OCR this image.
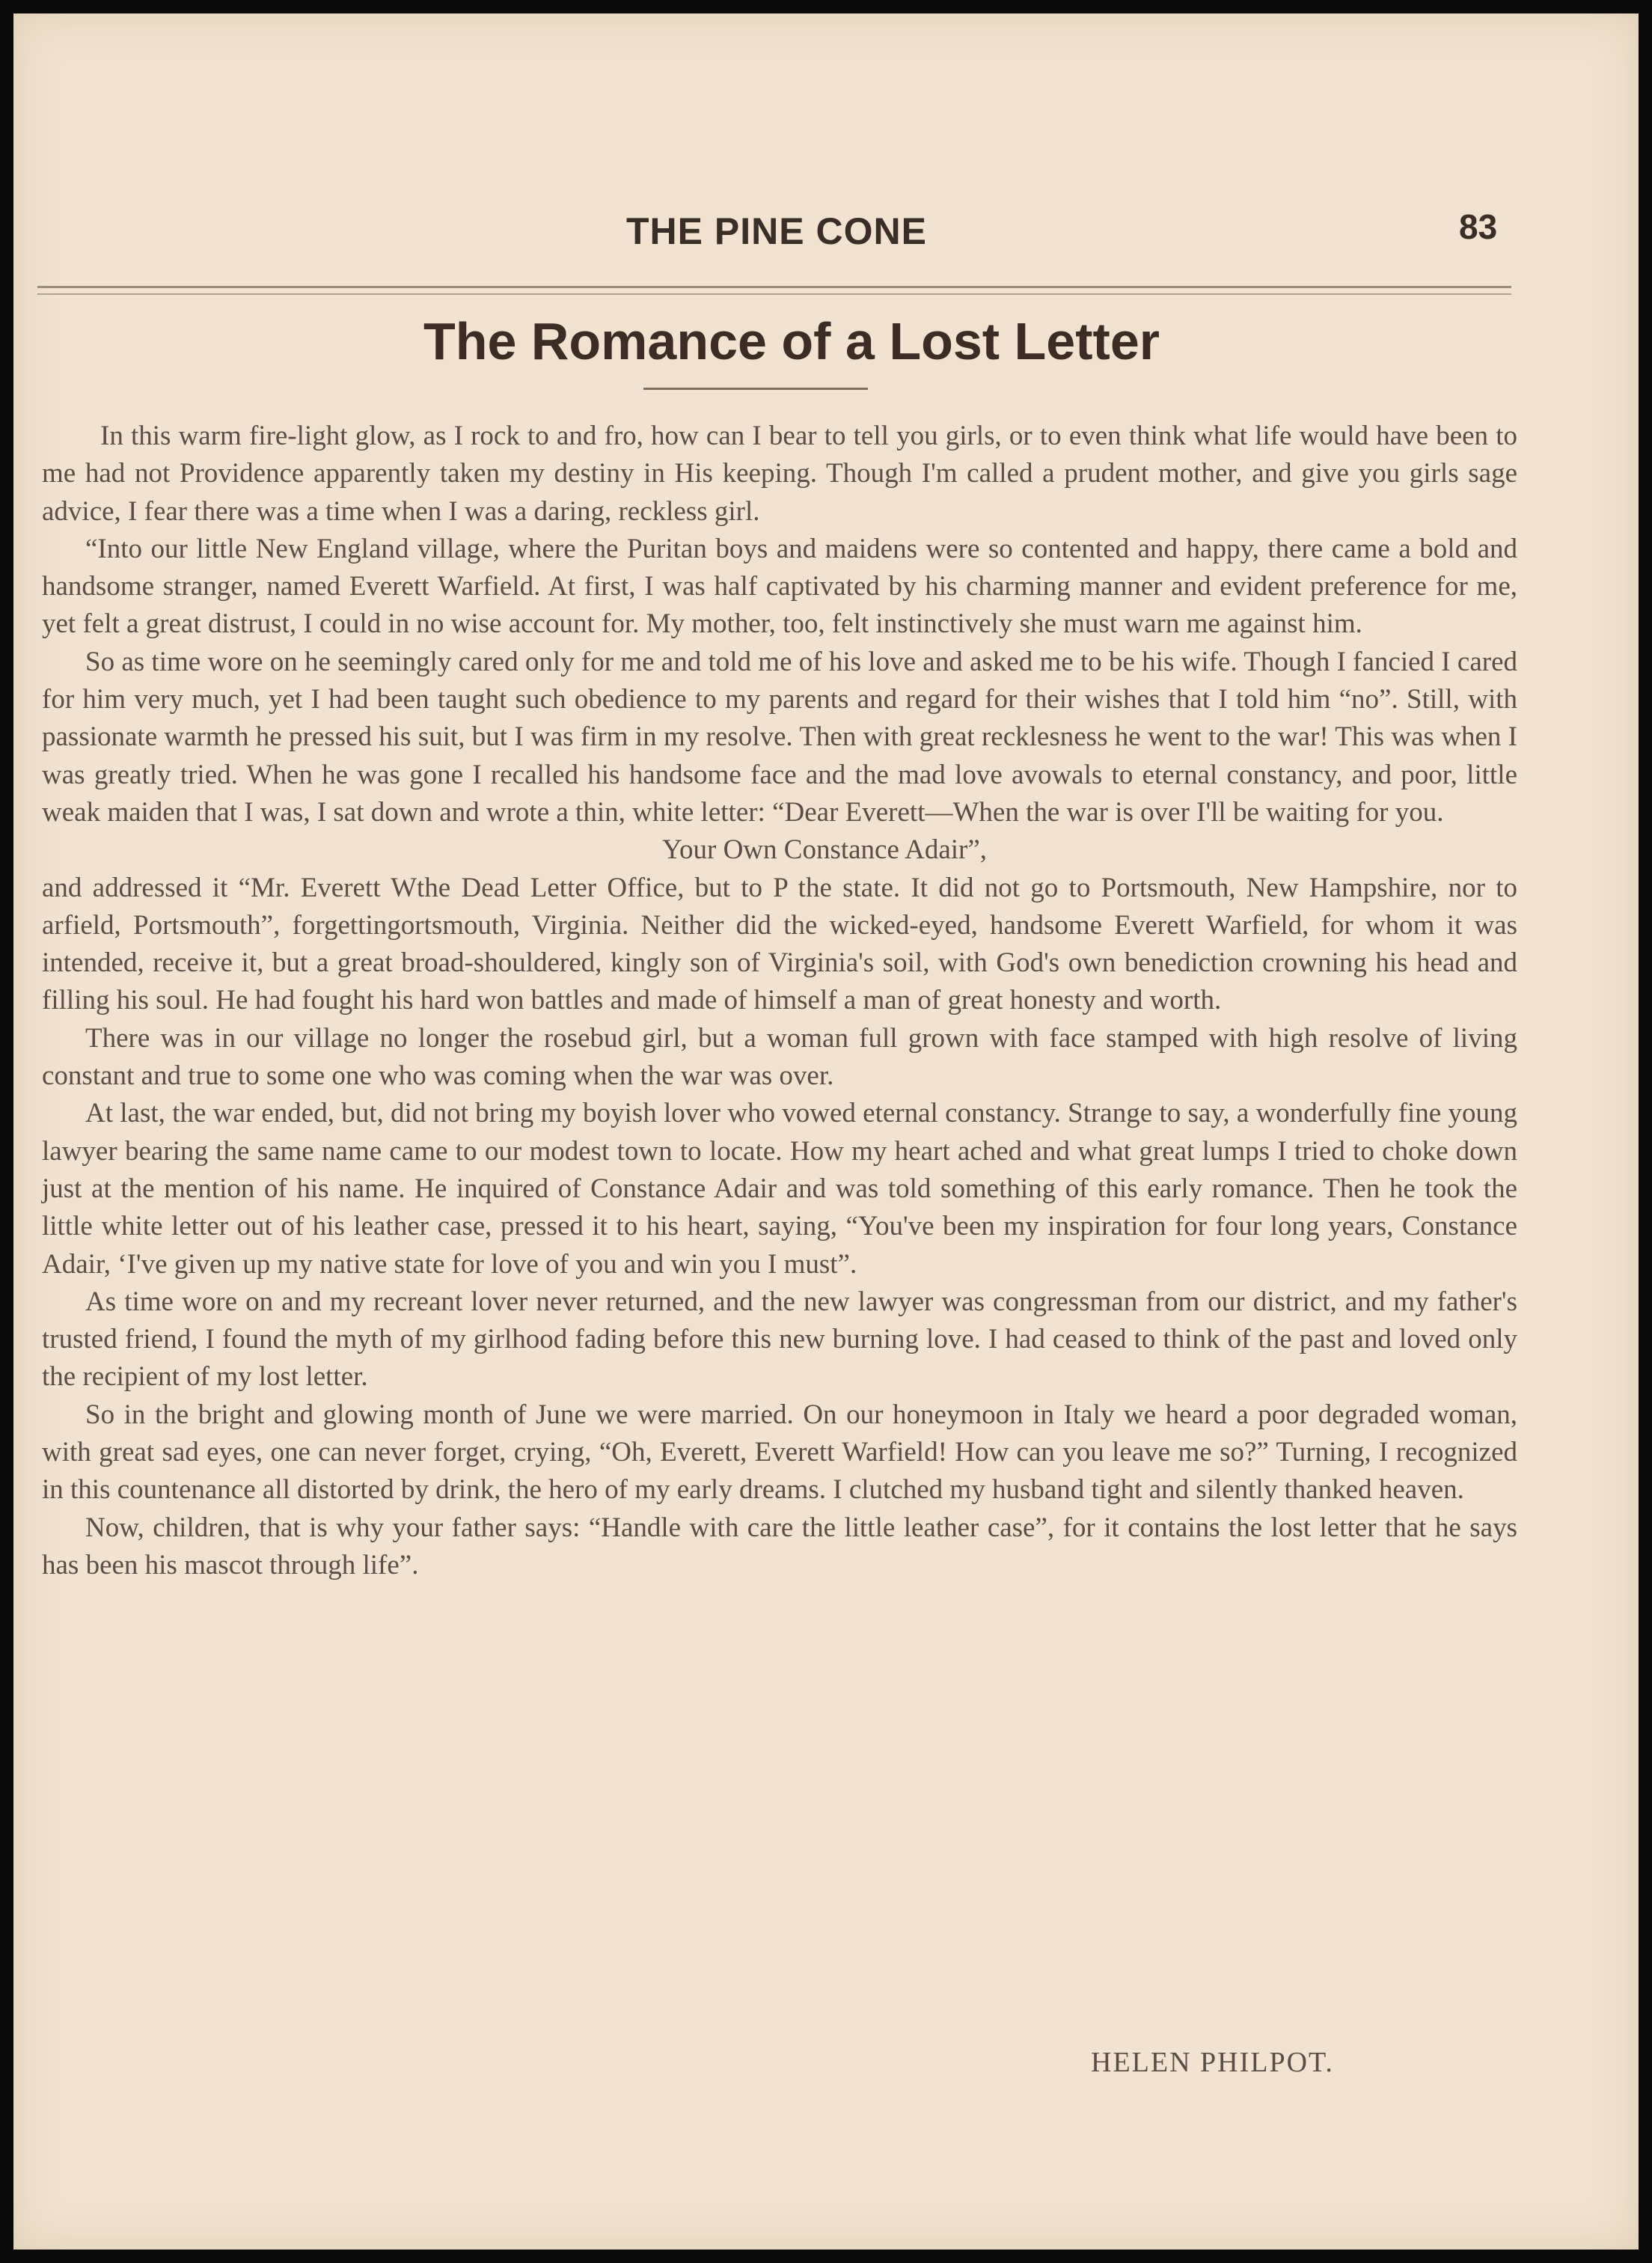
THE PINE CONE	83
The Romance of a Lost Letter

In this warm fire-light glow, as I rock to and fro, how can I bear to tell you girls, or to even think what life would have been to me had not Providence apparently taken my destiny in His keeping. Though I'm called a prudent mother, and give you girls sage advice, I fear there was a time when I was a daring, reckless girl.

“Into our little New England village, where the Puritan boys and maidens were so contented and happy, there came a bold and handsome stranger, named Everett Warfield. At first, I was half captivated by his charming manner and evident preference for me, yet felt a great distrust, I could in no wise account for. My mother, too, felt instinctively she must warn me against him.

So as time wore on he seemingly cared only for me and told me of his love and asked me to be his wife. Though I fancied I cared for him very much, yet I had been taught such obedience to my parents and regard for their wishes that I told him “no”. Still, with passionate warmth he pressed his suit, but I was firm in my resolve. Then with great recklesness he went to the war! This was when I was greatly tried. When he was gone I recalled his handsome face and the mad love avowals to eternal constancy, and poor, little weak maiden that I was, I sat down and wrote a thin, white letter: “Dear Everett—When the war is over I'll be waiting for you.

Your Own Constance Adair”,

and addressed it “Mr. Everett Wthe Dead Letter Office, but to P the state. It did not go to Portsmouth, New Hampshire, nor to arfield, Portsmouth”, forgettingortsmouth, Virginia. Neither did the wicked-eyed, handsome Everett Warfield, for whom it was intended, receive it, but a great broad-shouldered, kingly son of Virginia's soil, with God's own benediction crowning his head and filling his soul. He had fought his hard won battles and made of himself a man of great honesty and worth.

There was in our village no longer the rosebud girl, but a woman full grown with face stamped with high resolve of living constant and true to some one who was coming when the war was over.

At last, the war ended, but, did not bring my boyish lover who vowed eternal constancy. Strange to say, a wonderfully fine young lawyer bearing the same name came to our modest town to locate. How my heart ached and what great lumps I tried to choke down just at the mention of his name. He inquired of Constance Adair and was told something of this early romance. Then he took the little white letter out of his leather case, pressed it to his heart, saying, “You've been my inspiration for four long years, Constance Adair, ‘I've given up my native state for love of you and win you I must”.

As time wore on and my recreant lover never returned, and the new lawyer was congressman from our district, and my father's trusted friend, I found the myth of my girlhood fading before this new burning love. I had ceased to think of the past and loved only the recipient of my lost letter.

So in the bright and glowing month of June we were married. On our honeymoon in Italy we heard a poor degraded woman, with great sad eyes, one can never forget, crying, “Oh, Everett, Everett Warfield! How can you leave me so?” Turning, I recognized in this countenance all distorted by drink, the hero of my early dreams. I clutched my husband tight and silently thanked heaven.

Now, children, that is why your father says: “Handle with care the little leather case”, for it contains the lost letter that he says has been his mascot through life”.

HELEN PHILPOT.
